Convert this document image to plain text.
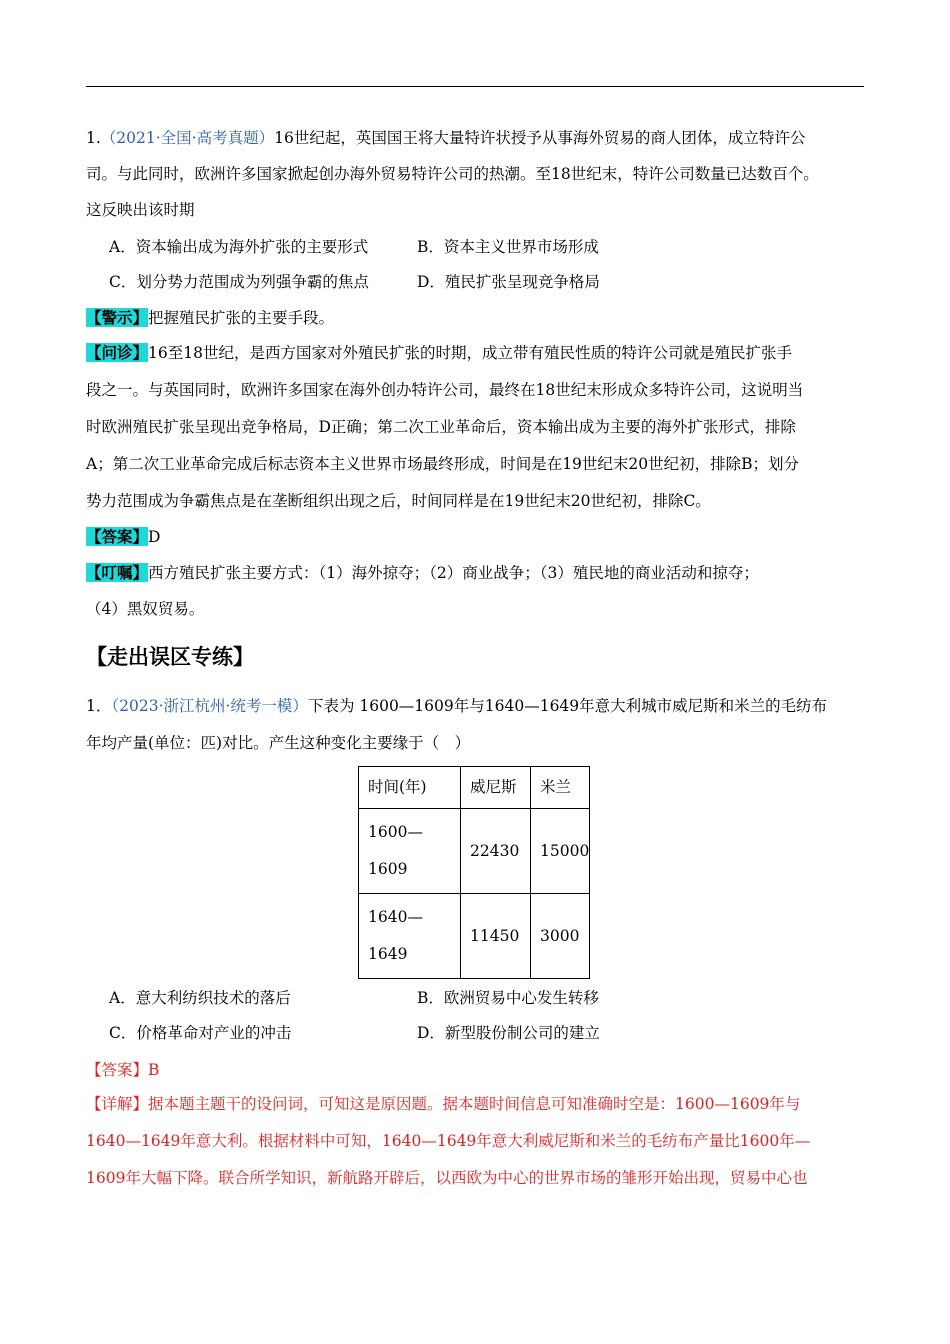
1.（2021·全国·高考真题）16世纪起，英国国王将大量特许状授予从事海外贸易的商人团体，成立特许公
司。与此同时，欧洲许多国家掀起创办海外贸易特许公司的热潮。至18世纪末，特许公司数量已达数百个。
这反映出该时期
A．资本输出成为海外扩张的主要形式	B．资本主义世界市场形成
C．划分势力范围成为列强争霸的焦点	D．殖民扩张呈现竞争格局
【警示】把握殖民扩张的主要手段。
【问诊】16至18世纪，是西方国家对外殖民扩张的时期，成立带有殖民性质的特许公司就是殖民扩张手
段之一。与英国同时，欧洲许多国家在海外创办特许公司，最终在18世纪末形成众多特许公司，这说明当
时欧洲殖民扩张呈现出竞争格局，D正确；第二次工业革命后，资本输出成为主要的海外扩张形式，排除
A；第二次工业革命完成后标志资本主义世界市场最终形成，时间是在19世纪末20世纪初，排除B；划分
势力范围成为争霸焦点是在垄断组织出现之后，时间同样是在19世纪末20世纪初，排除C。
【答案】D
【叮嘱】西方殖民扩张主要方式：（1）海外掠夺；（2）商业战争；（3）殖民地的商业活动和掠夺；
（4）黑奴贸易。
【走出误区专练】
1．（2023·浙江杭州·统考一模）下表为 1600—1609年与1640—1649年意大利城市威尼斯和米兰的毛纺布
年均产量(单位：匹)对比。产生这种变化主要缘于（　）
时间(年)	威尼斯	米兰

1600—
1609	22430	15000

1640—
1649	11450	3000
A．意大利纺织技术的落后	B．欧洲贸易中心发生转移
C．价格革命对产业的冲击	D．新型股份制公司的建立
【答案】B
【详解】据本题主题干的设问词，可知这是原因题。据本题时间信息可知准确时空是：1600—1609年与
1640—1649年意大利。根据材料中可知，1640—1649年意大利威尼斯和米兰的毛纺布产量比1600年—
1609年大幅下降。联合所学知识，新航路开辟后，以西欧为中心的世界市场的雏形开始出现，贸易中心也
